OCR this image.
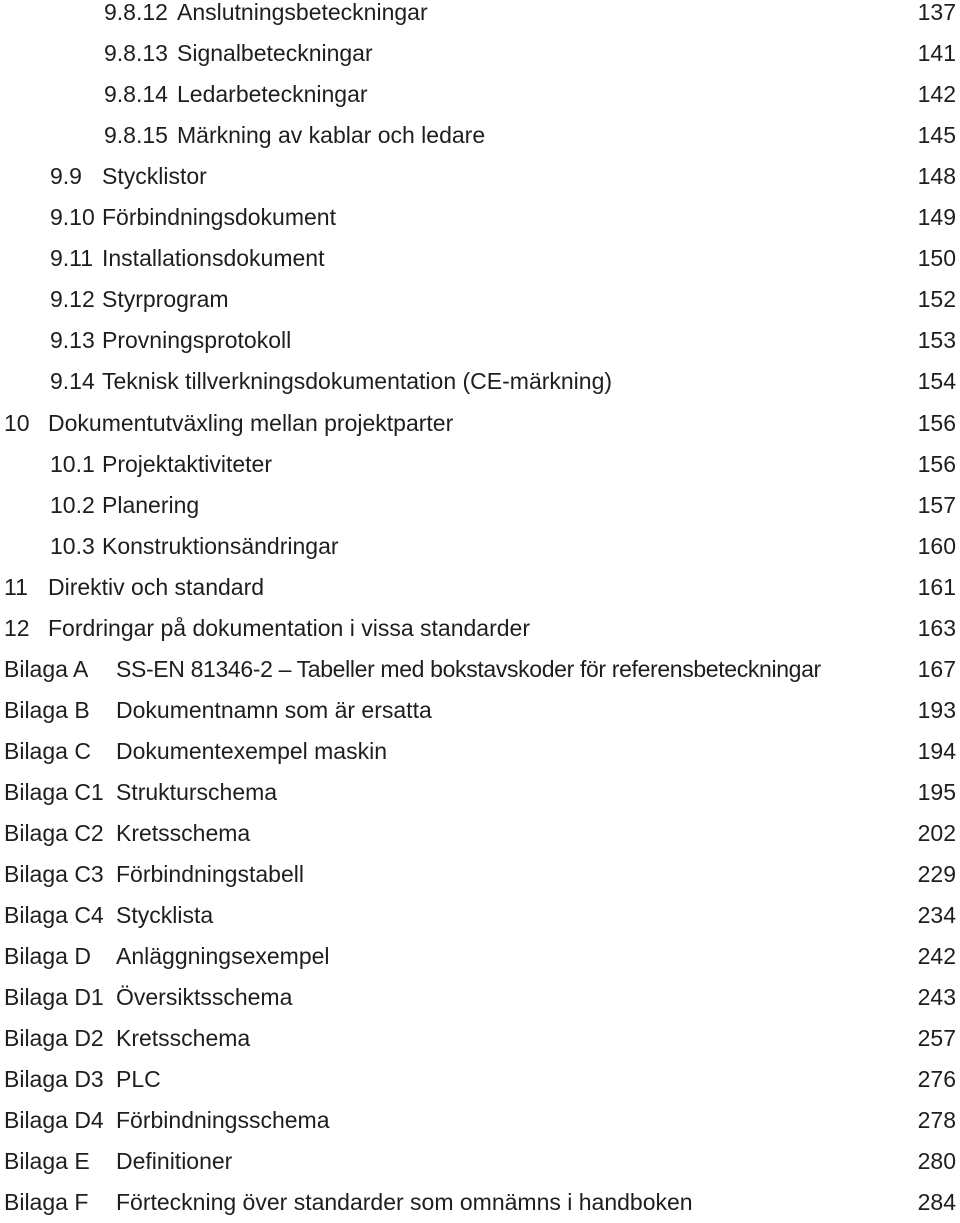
9.8.12 Anslutningsbeteckningar	137
9.8.13 Signalbeteckningar	141
9.8.14 Ledarbeteckningar	142
9.8.15 Märkning av kablar och ledare	145
9.9 Stycklistor	148
9.10 Förbindningsdokument	149
9.11 Installationsdokument	150
9.12 Styrprogram	152
9.13 Provningsprotokoll	153
9.14 Teknisk tillverkningsdokumentation (CE-märkning)	154
10 Dokumentutväxling mellan projektparter	156
10.1 Projektaktiviteter	156
10.2 Planering	157
10.3 Konstruktionsändringar	160
11 Direktiv och standard	161
12 Fordringar på dokumentation i vissa standarder	163
Bilaga A SS-EN 81346-2 – Tabeller med bokstavskoder för referensbeteckningar	167
Bilaga B Dokumentnamn som är ersatta	193
Bilaga C Dokumentexempel maskin	194
Bilaga C1 Strukturschema	195
Bilaga C2 Kretsschema	202
Bilaga C3 Förbindningstabell	229
Bilaga C4 Stycklista	234
Bilaga D Anläggningsexempel	242
Bilaga D1 Översiktsschema	243
Bilaga D2 Kretsschema	257
Bilaga D3 PLC	276
Bilaga D4 Förbindningsschema	278
Bilaga E Definitioner	280
Bilaga F Förteckning över standarder som omnämns i handboken	284
